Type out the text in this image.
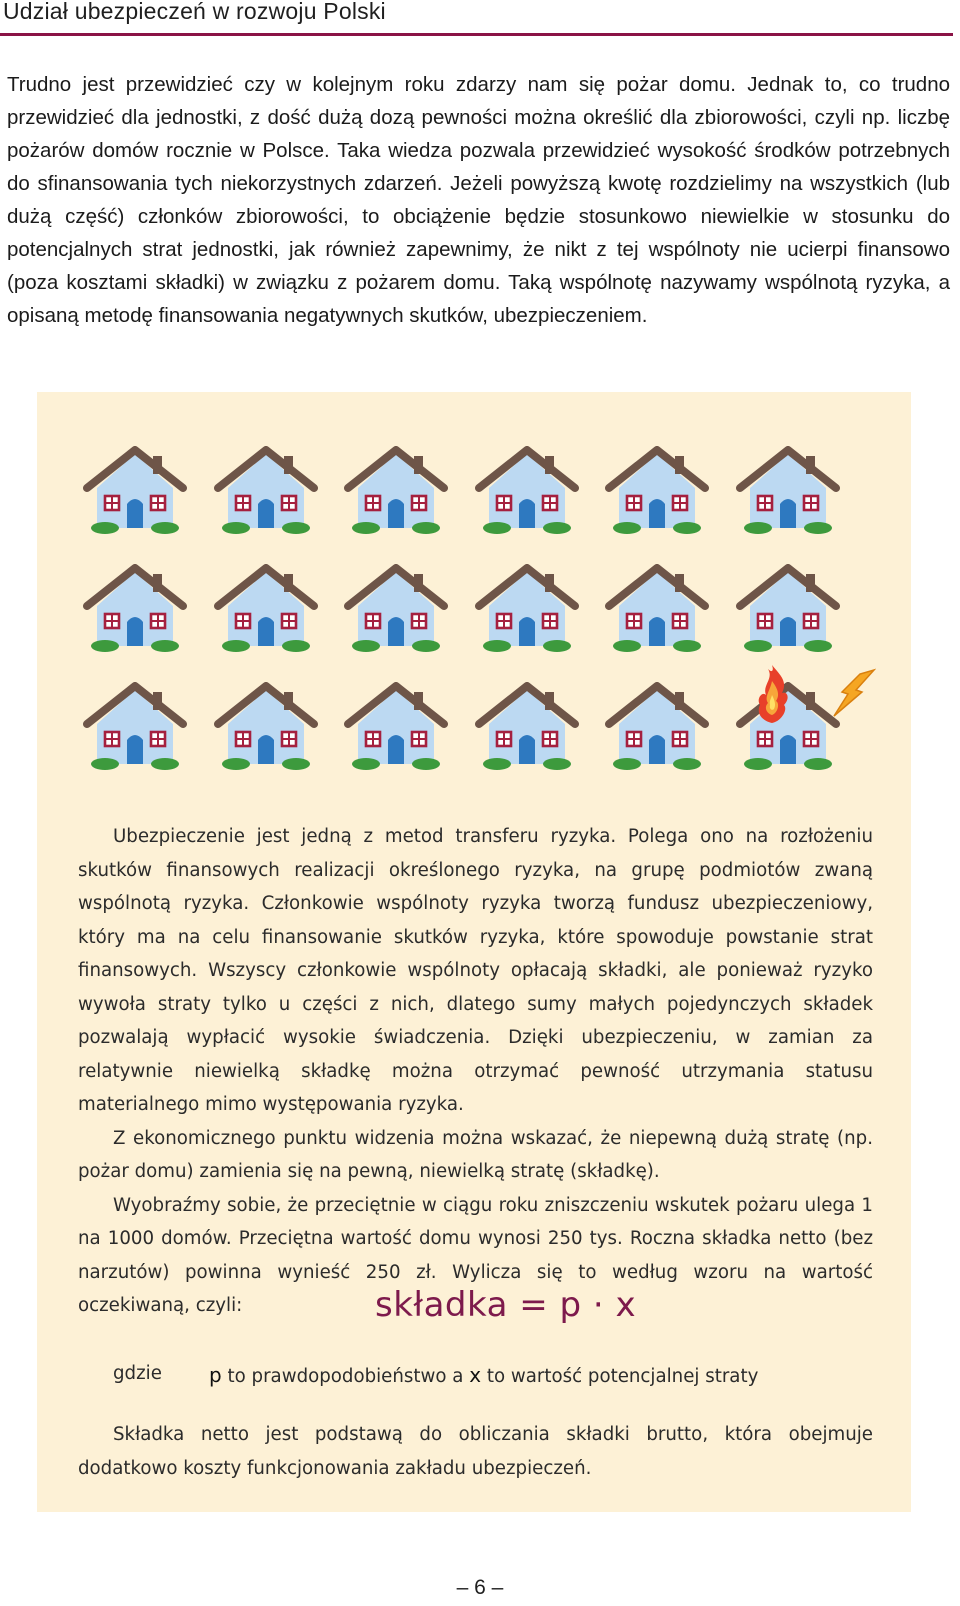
Udział ubezpieczeń w rozwoju Polski
Trudno jest przewidzieć czy w kolejnym roku zdarzy nam się pożar domu. Jednak to, co trudno przewidzieć dla jednostki, z dość dużą dozą pewności można określić dla zbiorowości, czyli np. liczbę pożarów domów rocznie w Polsce. Taka wiedza pozwala przewidzieć wysokość środków potrzebnych do sfinansowania tych niekorzystnych zdarzeń. Jeżeli powyższą kwotę rozdzielimy na wszystkich (lub dużą część) członków zbiorowości, to obciążenie będzie stosunkowo niewielkie w stosunku do potencjalnych strat jednostki, jak również zapewnimy, że nikt z tej wspólnoty nie ucierpi finansowo (poza kosztami składki) w związku z pożarem domu. Taką wspólnotę nazywamy wspólnotą ryzyka, a opisaną metodę finansowania negatywnych skutków, ubezpieczeniem.

Ubezpieczenie jest jedną z metod transferu ryzyka. Polega ono na rozłożeniu skutków finansowych realizacji określonego ryzyka, na grupę podmiotów zwaną wspólnotą ryzyka. Członkowie wspólnoty ryzyka tworzą fundusz ubezpieczeniowy, który ma na celu finansowanie skutków ryzyka, które spowoduje powstanie strat finansowych. Wszyscy członkowie wspólnoty opłacają składki, ale ponieważ ryzyko wywoła straty tylko u części z nich, dlatego sumy małych pojedynczych składek pozwalają wypłacić wysokie świadczenia. Dzięki ubezpieczeniu, w zamian za relatywnie niewielką składkę można otrzymać pewność utrzymania statusu materialnego mimo występowania ryzyka.

Z ekonomicznego punktu widzenia można wskazać, że niepewną dużą stratę (np. pożar domu) zamienia się na pewną, niewielką stratę (składkę).

Wyobraźmy sobie, że przeciętnie w ciągu roku zniszczeniu wskutek pożaru ulega 1 na 1000 domów. Przeciętna wartość domu wynosi 250 tys. Roczna składka netto (bez narzutów) powinna wynieść 250 zł. Wylicza się to według wzoru na wartość oczekiwaną, czyli:	składka = p · x
gdzie p to prawdopodobieństwo a x to wartość potencjalnej straty

Składka netto jest podstawą do obliczania składki brutto, która obejmuje dodatkowo koszty funkcjonowania zakładu ubezpieczeń.

– 6 –
